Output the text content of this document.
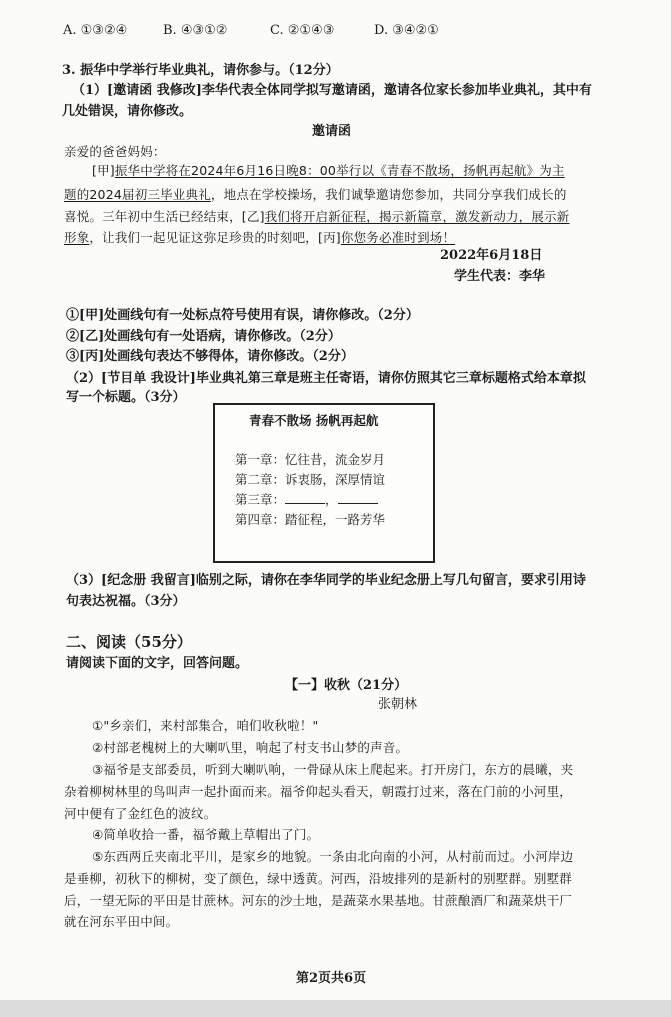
A. ①③②④	B. ④③①②	C. ②①④③	D. ③④②①
3. 振华中学举行毕业典礼，请你参与。（12分）
（1）[邀请函 我修改]李华代表全体同学拟写邀请函，邀请各位家长参加毕业典礼，其中有
几处错误，请你修改。
邀请函
亲爱的爸爸妈妈：
[甲]振华中学将在2024年6月16日晚8：00举行以《青春不散场，扬帆再起航》为主
题的2024届初三毕业典礼，地点在学校操场，我们诚挚邀请您参加，共同分享我们成长的
喜悦。三年初中生活已经结束，[乙]我们将开启新征程，揭示新篇章，激发新动力，展示新
形象，让我们一起见证这弥足珍贵的时刻吧，[丙]你您务必准时到场！
2022年6月18日
学生代表：李华
①[甲]处画线句有一处标点符号使用有误，请你修改。（2分）
②[乙]处画线句有一处语病，请你修改。（2分）
③[丙]处画线句表达不够得体，请你修改。（2分）
（2）[节目单 我设计]毕业典礼第三章是班主任寄语，请你仿照其它三章标题格式给本章拟
写一个标题。（3分）
青春不散场 扬帆再起航
第一章：忆往昔，流金岁月
第二章：诉衷肠，深厚情谊
第三章：	，
第四章：踏征程，一路芳华
（3）[纪念册 我留言]临别之际，请你在李华同学的毕业纪念册上写几句留言，要求引用诗
句表达祝福。（3分）
二、阅读（55分）
请阅读下面的文字，回答问题。
【一】收秋（21分）
张朝林
①"乡亲们，来村部集合，咱们收秋啦！"
②村部老槐树上的大喇叭里，响起了村支书山梦的声音。
③福爷是支部委员，听到大喇叭响，一骨碌从床上爬起来。打开房门，东方的晨曦，夹
杂着柳树林里的鸟叫声一起扑面而来。福爷仰起头看天，朝霞打过来，落在门前的小河里，
河中便有了金红色的波纹。
④简单收拾一番，福爷戴上草帽出了门。
⑤东西两丘夹南北平川，是家乡的地貌。一条由北向南的小河，从村前而过。小河岸边
是垂柳，初秋下的柳树，变了颜色，绿中透黄。河西，沿坡排列的是新村的别墅群。别墅群
后，一望无际的平田是甘蔗林。河东的沙土地，是蔬菜水果基地。甘蔗酿酒厂和蔬菜烘干厂
就在河东平田中间。
第2页共6页
